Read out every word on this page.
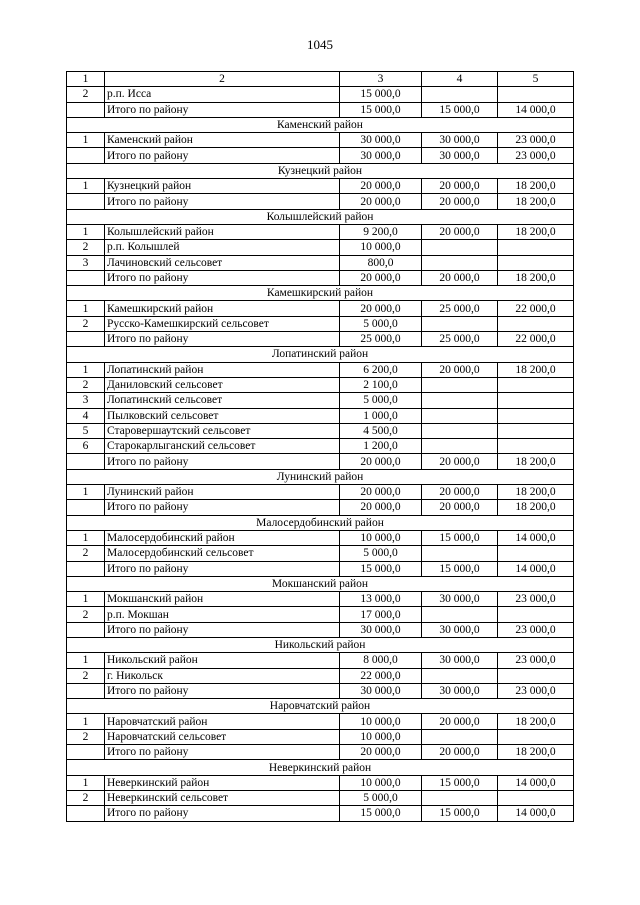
1045
1	2	3	4	5
2	р.п. Исса	15 000,0		
	Итого по району	15 000,0	15 000,0	14 000,0
Каменский район				
1	Каменский район	30 000,0	30 000,0	23 000,0
	Итого по району	30 000,0	30 000,0	23 000,0
Кузнецкий район				
1	Кузнецкий район	20 000,0	20 000,0	18 200,0
	Итого по району	20 000,0	20 000,0	18 200,0
Колышлейский район				
1	Колышлейский район	9 200,0	20 000,0	18 200,0
2	р.п. Колышлей	10 000,0		
3	Лачиновский сельсовет	800,0		
	Итого по району	20 000,0	20 000,0	18 200,0
Камешкирский район				
1	Камешкирский район	20 000,0	25 000,0	22 000,0
2	Русско-Камешкирский сельсовет	5 000,0		
	Итого по району	25 000,0	25 000,0	22 000,0
Лопатинский район				
1	Лопатинский район	6 200,0	20 000,0	18 200,0
2	Даниловский сельсовет	2 100,0		
3	Лопатинский сельсовет	5 000,0		
4	Пылковский сельсовет	1 000,0		
5	Старовершаутский сельсовет	4 500,0		
6	Старокарлыганский сельсовет	1 200,0		
	Итого по району	20 000,0	20 000,0	18 200,0
Лунинский район				
1	Лунинский район	20 000,0	20 000,0	18 200,0
	Итого по району	20 000,0	20 000,0	18 200,0
Малосердобинский район				
1	Малосердобинский район	10 000,0	15 000,0	14 000,0
2	Малосердобинский сельсовет	5 000,0		
	Итого по району	15 000,0	15 000,0	14 000,0
Мокшанский район				
1	Мокшанский район	13 000,0	30 000,0	23 000,0
2	р.п. Мокшан	17 000,0		
	Итого по району	30 000,0	30 000,0	23 000,0
Никольский район				
1	Никольский район	8 000,0	30 000,0	23 000,0
2	г. Никольск	22 000,0		
	Итого по району	30 000,0	30 000,0	23 000,0
Наровчатский район				
1	Наровчатский район	10 000,0	20 000,0	18 200,0
2	Наровчатский сельсовет	10 000,0		
	Итого по району	20 000,0	20 000,0	18 200,0
Неверкинский район				
1	Неверкинский район	10 000,0	15 000,0	14 000,0
2	Неверкинский сельсовет	5 000,0		
	Итого по району	15 000,0	15 000,0	14 000,0
